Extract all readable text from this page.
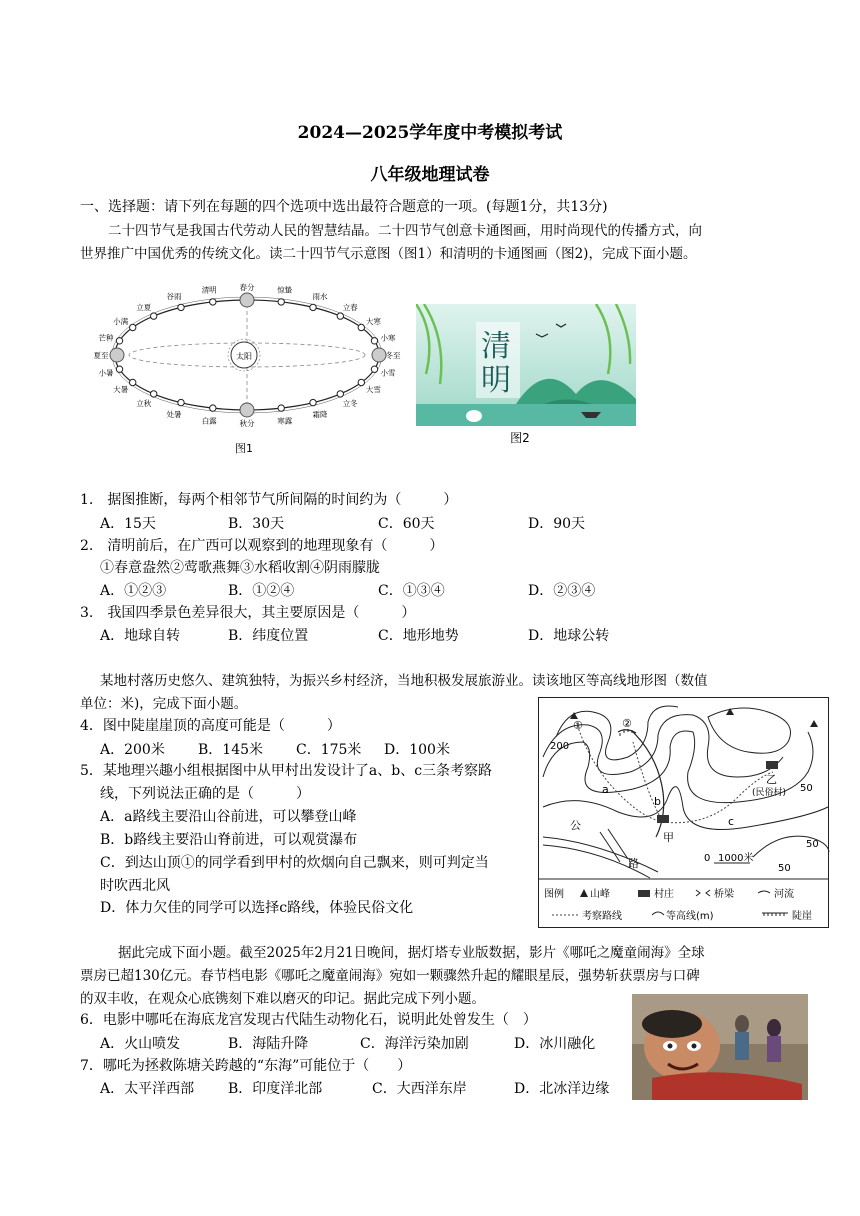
2024—2025学年度中考模拟考试
八年级地理试卷
一、选择题：请下列在每题的四个选项中选出最符合题意的一项。(每题1分，共13分)
二十四节气是我国古代劳动人民的智慧结晶。二十四节气创意卡通图画，用时尚现代的传播方式，向
世界推广中国优秀的传统文化。读二十四节气示意图（图1）和清明的卡通图画（图2)，完成下面小题。
太阳
春分	惊蛰
雨水
立春
大寒
小寒
冬至
小雪
大雪
立冬
霜降
寒露
秋分
白露
处暑
立秋
大暑
小暑
夏至
芒种
小满
立夏
谷雨
清明
图1
清
明
图2
1.　据图推断，每两个相邻节气所间隔的时间约为（　　　）
A．15天	B．30天	C．60天	D．90天
2.　清明前后，在广西可以观察到的地理现象有（　　　）
①春意盎然②莺歌燕舞③水稻收割④阴雨朦胧
A．①②③	B．①②④	C．①③④	D．②③④
3.　我国四季景色差异很大，其主要原因是（　　　）
A．地球自转	B．纬度位置	C．地形地势	D．地球公转
某地村落历史悠久、建筑独特，为振兴乡村经济，当地积极发展旅游业。读该地区等高线地形图（数值
单位：米)，完成下面小题。
4．图中陡崖崖顶的高度可能是（　　　）
A．200米 B．145米 C．175米 D．100米
5．某地理兴趣小组根据图中从甲村出发设计了a、b、c三条考察路
线，下列说法正确的是（　　　）
A．a路线主要沿山谷前进，可以攀登山峰
B．b路线主要沿山脊前进，可以观赏瀑布
C．到达山顶①的同学看到甲村的炊烟向自己飘来，则可判定当
时吹西北风
D．体力欠佳的同学可以选择c路线，体验民俗文化
①	②
200
50
50
50
a
b
c
甲
乙
(民俗村)
公
路	0 1000米
图例	山峰	村庄	桥梁	河流
考察路线	等高线(m)	陡崖
据此完成下面小题。截至2025年2月21日晚间，据灯塔专业版数据，影片《哪吒之魔童闹海》全球
票房已超130亿元。春节档电影《哪吒之魔童闹海》宛如一颗骤然升起的耀眼星辰，强势斩获票房与口碑
的双丰收，在观众心底镌刻下难以磨灭的印记。据此完成下列小题。
6．电影中哪吒在海底龙宫发现古代陆生动物化石，说明此处曾发生（　）
A．火山喷发	B．海陆升降	C．海洋污染加剧	D．冰川融化
7．哪吒为拯救陈塘关跨越的“东海”可能位于（　　）
A．太平洋西部 B．印度洋北部	C．大西洋东岸	D．北冰洋边缘
